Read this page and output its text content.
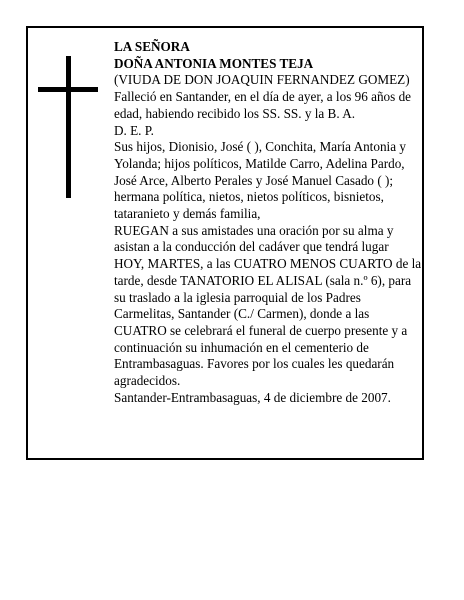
LA SEÑORA

DOÑA ANTONIA MONTES TEJA

(VIUDA DE DON JOAQUIN FERNANDEZ GOMEZ)

Falleció en Santander, en el día de ayer, a los 96 años de edad, habiendo recibido los SS. SS. y la B. A.

D. E. P.

Sus hijos, Dionisio, José ( ), Conchita, María Antonia y Yolanda; hijos políticos, Matilde Carro, Adelina Pardo, José Arce, Alberto Perales y José Manuel Casado ( ); hermana política, nietos, nietos políticos, bisnietos, tataranieto y demás familia,

RUEGAN a sus amistades una oración por su alma y asistan a la conducción del cadáver que tendrá lugar HOY, MARTES, a las CUATRO MENOS CUARTO de la tarde, desde TANATORIO EL ALISAL (sala n.º 6), para su traslado a la iglesia parroquial de los Padres Carmelitas, Santander (C./ Carmen), donde a las CUATRO se celebrará el funeral de cuerpo presente y a continuación su inhumación en el cementerio de Entrambasaguas. Favores por los cuales les quedarán agradecidos.

Santander-Entrambasaguas, 4 de diciembre de 2007.
